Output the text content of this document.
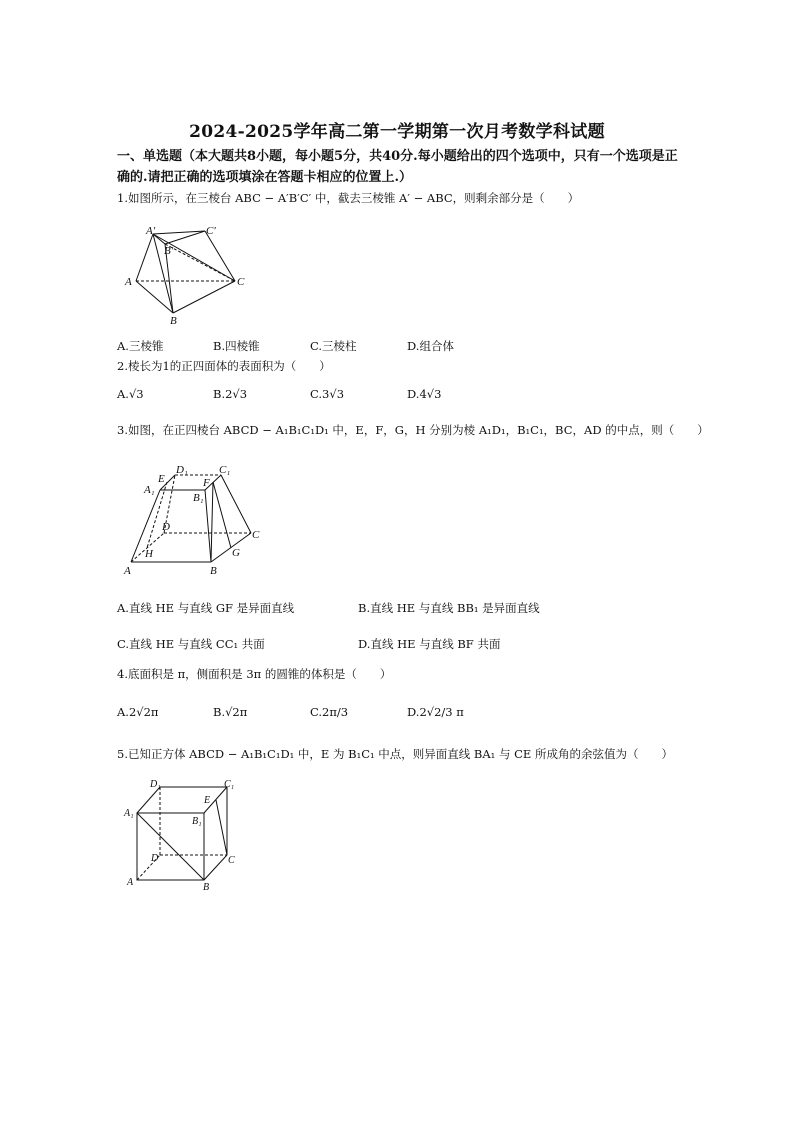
2024-2025学年高二第一学期第一次月考数学科试题
一、单选题（本大题共8小题，每小题5分，共40分.每小题给出的四个选项中，只有一个选项是正确的.请把正确的选项填涂在答题卡相应的位置上.）
1.如图所示，在三棱台 ABC − A′B′C′ 中，截去三棱锥 A′ − ABC，则剩余部分是（　　）
A′	C′
B′
A	C
B
A.三棱锥	B.四棱锥	C.三棱柱	D.组合体
2.棱长为1的正四面体的表面积为（　　）
A.√3	B.2√3	C.3√3	D.4√3
3.如图，在正四棱台 ABCD − A₁B₁C₁D₁ 中，E，F，G，H 分别为棱 A₁D₁，B₁C₁，BC，AD 的中点，则（　　）
D₁	C₁
E	F
A₁
B₁
D
C
H	G
A	B
A.直线 HE 与直线 GF 是异面直线	B.直线 HE 与直线 BB₁ 是异面直线
C.直线 HE 与直线 CC₁ 共面	D.直线 HE 与直线 BF 共面
4.底面积是 π，侧面积是 3π 的圆锥的体积是（　　）
A.2√2π	B.√2π	C.2π/3	D.2√2/3 π
5.已知正方体 ABCD − A₁B₁C₁D₁ 中，E 为 B₁C₁ 中点，则异面直线 BA₁ 与 CE 所成角的余弦值为（　　）
D₁	C₁
E
A₁
B₁
D	C
A	B
